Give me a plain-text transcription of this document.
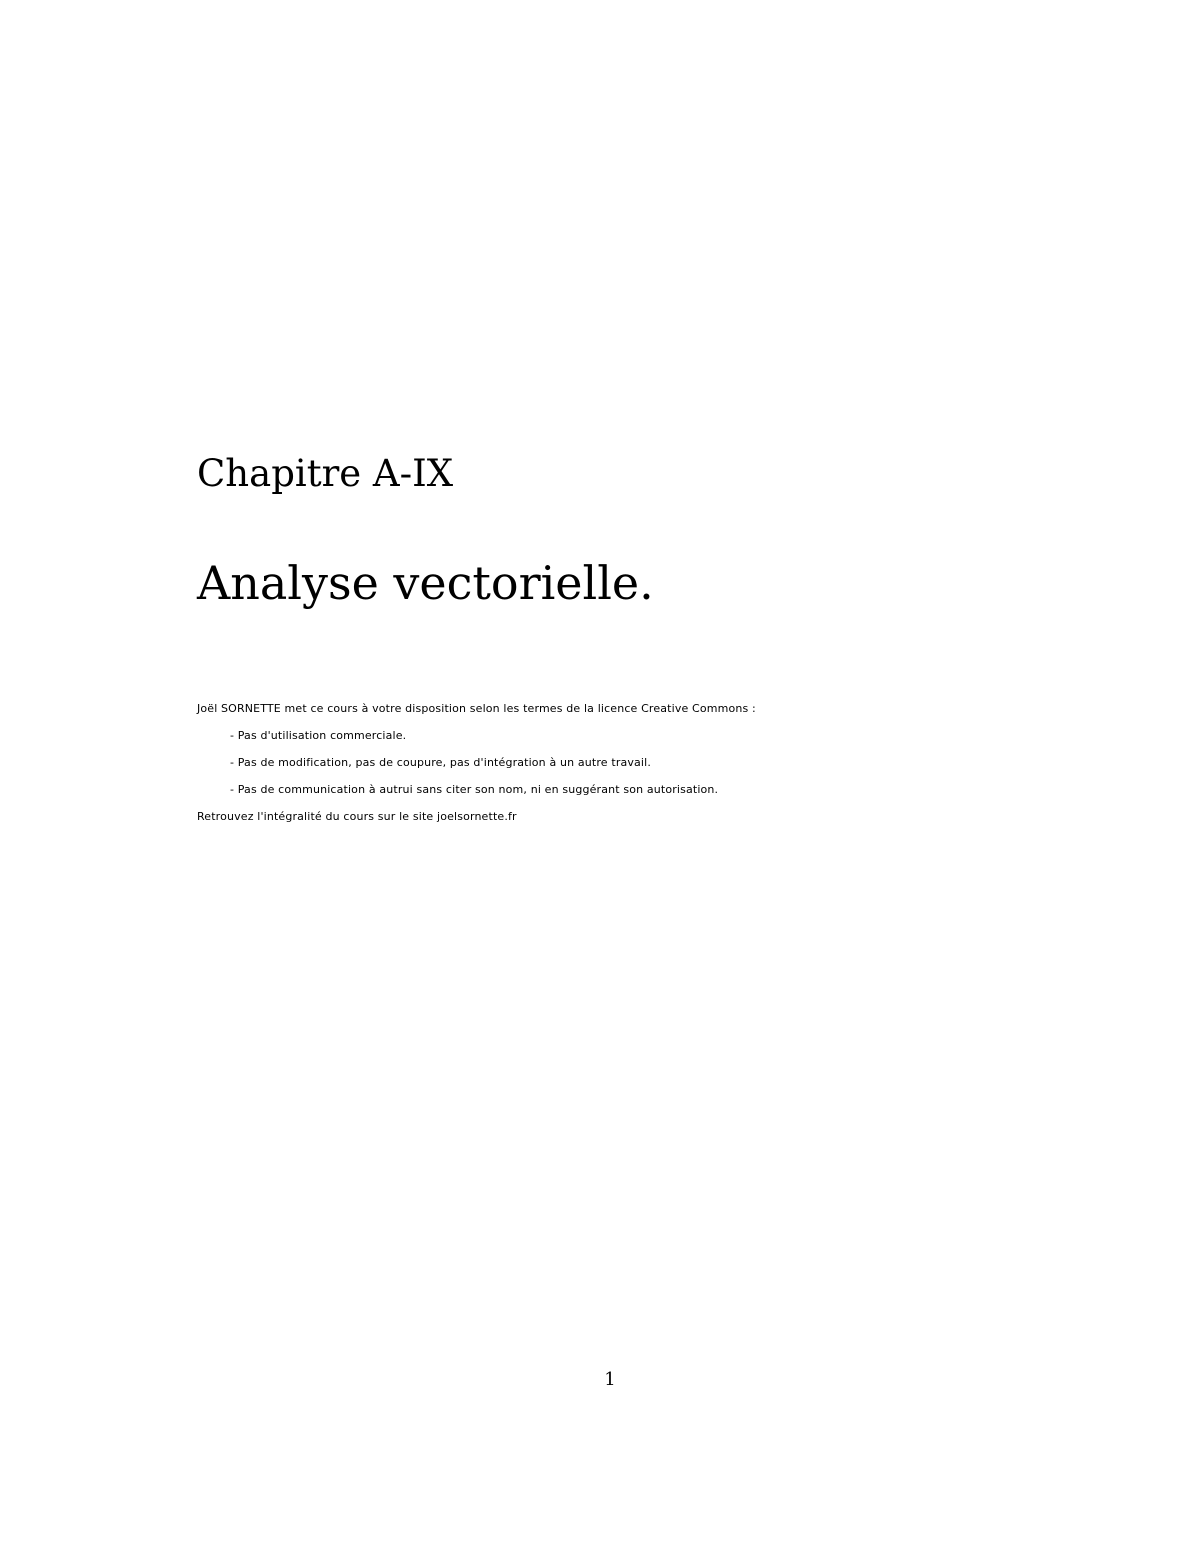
Chapitre A-IX
Analyse vectorielle.
Joël SORNETTE met ce cours à votre disposition selon les termes de la licence Creative Commons :
- Pas d'utilisation commerciale.
- Pas de modification, pas de coupure, pas d'intégration à un autre travail.
- Pas de communication à autrui sans citer son nom, ni en suggérant son autorisation.
Retrouvez l'intégralité du cours sur le site joelsornette.fr
1
